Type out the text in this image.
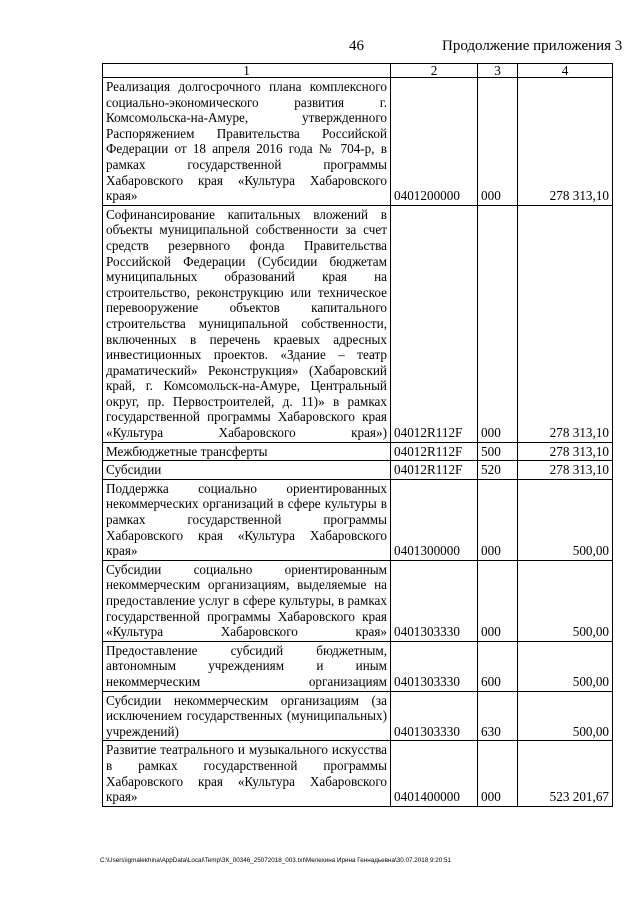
46	Продолжение приложения 3
1	2	3	4
Реализация долгосрочного плана комплексного социально-экономического развития г. Комсомольска-на-Амуре, утвержденного Распоряжением Правительства Российской Федерации от 18 апреля 2016 года № 704-р, в рамках государственной программы Хабаровского края «Культура Хабаровского края»	0401200000	000	278 313,10
Софинансирование капитальных вложений в объекты муниципальной собственности за счет средств резервного фонда Правительства Российской Федерации (Субсидии бюджетам муниципальных образований края на строительство, реконструкцию или техническое перевооружение объектов капитального строительства муниципальной собственности, включенных в перечень краевых адресных инвестиционных проектов. «Здание – театр драматический» Реконструкция» (Хабаровский край, г. Комсомольск-на-Амуре, Центральный округ, пр. Первостроителей, д. 11)» в рамках государственной программы Хабаровского края «Культура Хабаровского края»)	04012R112F	000	278 313,10
Межбюджетные трансферты	04012R112F	500	278 313,10
Субсидии	04012R112F	520	278 313,10
Поддержка социально ориентированных некоммерческих организаций в сфере культуры в рамках государственной программы Хабаровского края «Культура Хабаровского края»	0401300000	000	500,00
Субсидии социально ориентированным некоммерческим организациям, выделяемые на предоставление услуг в сфере культуры, в рамках государственной программы Хабаровского края «Культура Хабаровского края»	0401303330	000	500,00
Предоставление субсидий бюджетным, автономным учреждениям и иным некоммерческим организациям	0401303330	600	500,00
Субсидии некоммерческим организациям (за исключением государственных (муниципальных) учреждений)	0401303330	630	500,00
Развитие театрального и музыкального искусства в рамках государственной программы Хабаровского края «Культура Хабаровского края»	0401400000	000	523 201,67
C:\Users\igmalekhina\AppData\Local\Temp\ЗК_00346_25072018_003.txt\Мелехина Ирина Геннадьевна\30.07.2018 9:20:51
